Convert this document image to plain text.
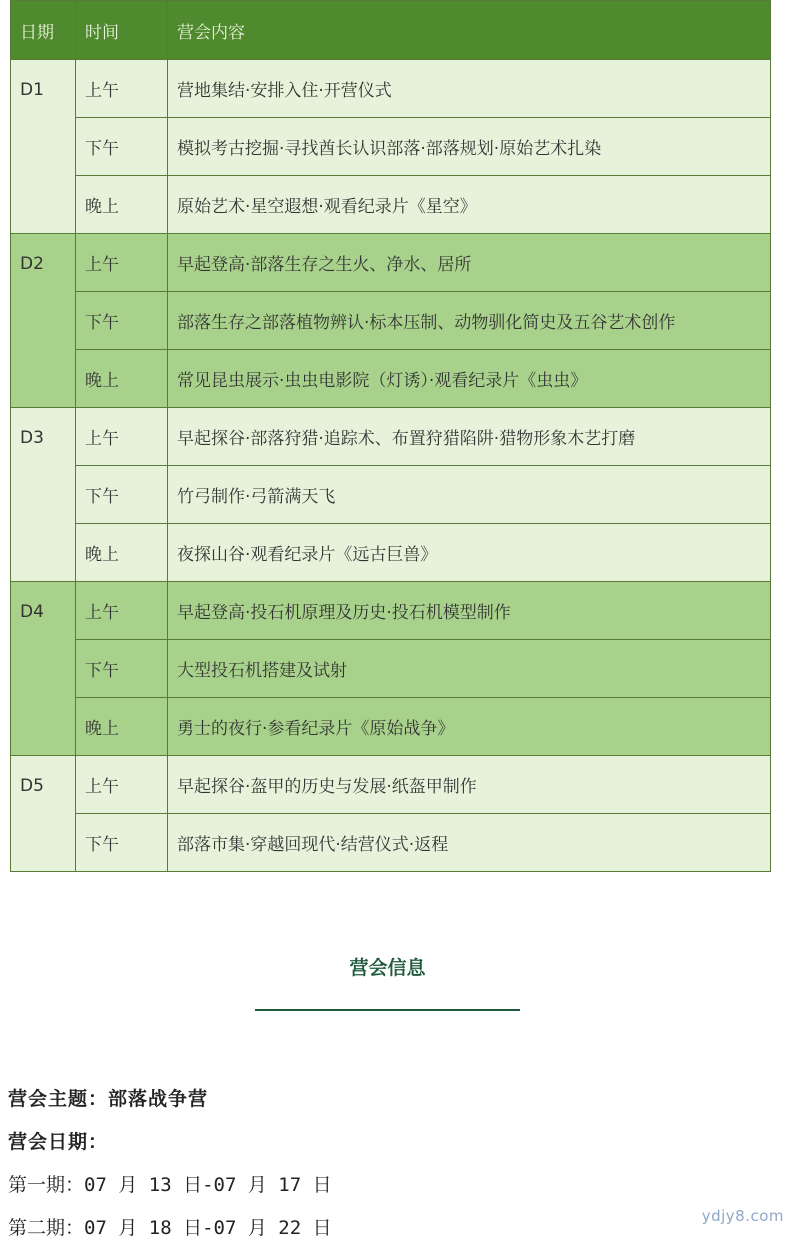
日期	时间	营会内容
D1	上午	营地集结·安排入住·开营仪式
	下午	模拟考古挖掘·寻找酋长认识部落·部落规划·原始艺术扎染
	晚上	原始艺术·星空遐想·观看纪录片《星空》
D2	上午	早起登高·部落生存之生火、净水、居所
	下午	部落生存之部落植物辨认·标本压制、动物驯化简史及五谷艺术创作
	晚上	常见昆虫展示·虫虫电影院（灯诱）·观看纪录片《虫虫》
D3	上午	早起探谷·部落狩猎·追踪术、布置狩猎陷阱·猎物形象木艺打磨
	下午	竹弓制作·弓箭满天飞
	晚上	夜探山谷·观看纪录片《远古巨兽》
D4	上午	早起登高·投石机原理及历史·投石机模型制作
	下午	大型投石机搭建及试射
	晚上	勇士的夜行·参看纪录片《原始战争》
D5	上午	早起探谷·盔甲的历史与发展·纸盔甲制作
	下午	部落市集·穿越回现代·结营仪式·返程
营会信息
营会主题：部落战争营
营会日期：
第一期：07 月 13 日-07 月 17 日
第二期：07 月 18 日-07 月 22 日
ydjy8.com
